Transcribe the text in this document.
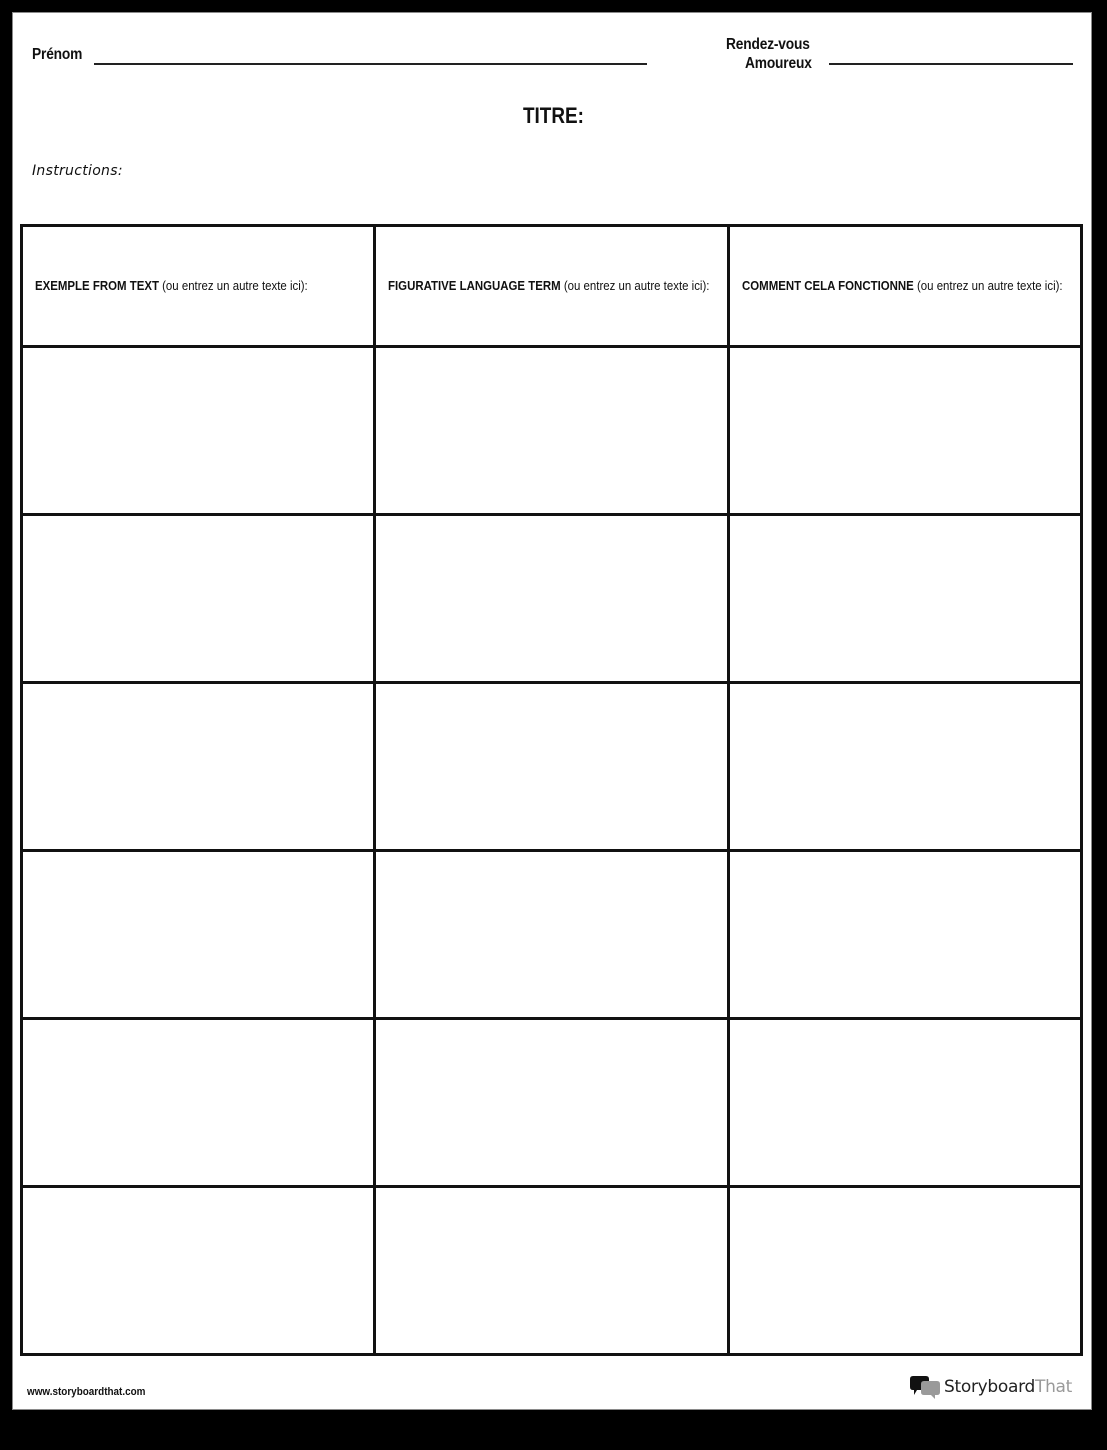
Prénom
Rendez-vous
Amoureux
TITRE:
Instructions:
EXEMPLE FROM TEXT (ou entrez un autre texte ici):	FIGURATIVE LANGUAGE TERM (ou entrez un autre texte ici):	COMMENT CELA FONCTIONNE (ou entrez un autre texte ici):

www.storyboardthat.com	StoryboardThat
